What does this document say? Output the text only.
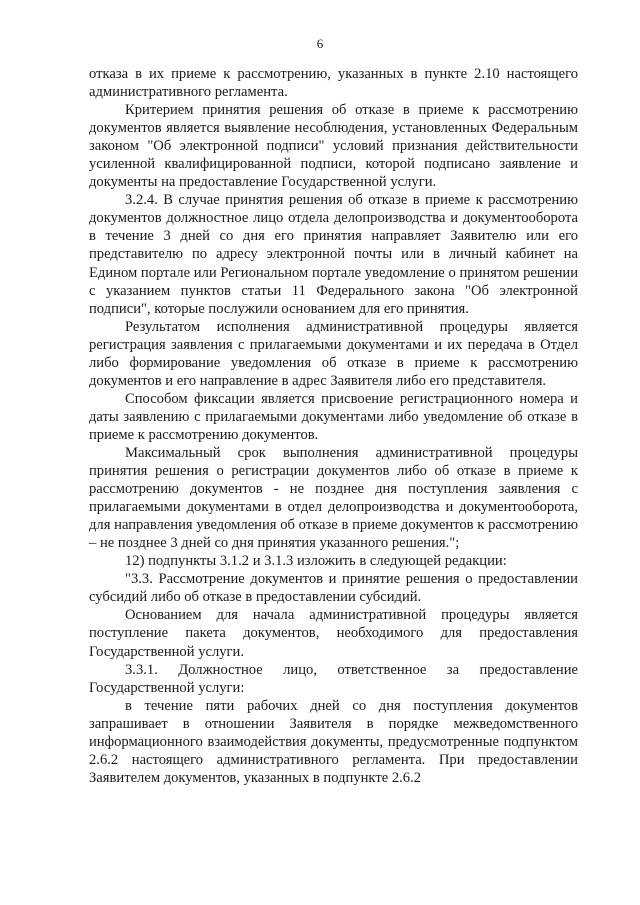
6

отказа в их приеме к рассмотрению, указанных в пункте 2.10 настоящего административного регламента.

Критерием принятия решения об отказе в приеме к рассмотрению документов является выявление несоблюдения, установленных Федеральным законом "Об электронной подписи" условий признания действительности усиленной квалифицированной подписи, которой подписано заявление и документы на предоставление Государственной услуги.

3.2.4. В случае принятия решения об отказе в приеме к рассмотрению документов должностное лицо отдела делопроизводства и документооборота в течение 3 дней со дня его принятия направляет Заявителю или его представителю по адресу электронной почты или в личный кабинет на Едином портале или Региональном портале уведомление о принятом решении с указанием пунктов статьи 11 Федерального закона "Об электронной подписи", которые послужили основанием для его принятия.

Результатом исполнения административной процедуры является регистрация заявления с прилагаемыми документами и их передача в Отдел либо формирование уведомления об отказе в приеме к рассмотрению документов и его направление в адрес Заявителя либо его представителя.

Способом фиксации является присвоение регистрационного номера и даты заявлению с прилагаемыми документами либо уведомление об отказе в приеме к рассмотрению документов.

Максимальный срок выполнения административной процедуры принятия решения о регистрации документов либо об отказе в приеме к рассмотрению документов - не позднее дня поступления заявления с прилагаемыми документами в отдел делопроизводства и документооборота, для направления уведомления об отказе в приеме документов к рассмотрению – не позднее 3 дней со дня принятия указанного решения.";

12) подпункты 3.1.2 и 3.1.3 изложить в следующей редакции:

"3.3. Рассмотрение документов и принятие решения о предоставлении субсидий либо об отказе в предоставлении субсидий.

Основанием для начала административной процедуры является поступление пакета документов, необходимого для предоставления Государственной услуги.

3.3.1. Должностное лицо, ответственное за предоставление Государственной услуги:

в течение пяти рабочих дней со дня поступления документов запрашивает в отношении Заявителя в порядке межведомственного информационного взаимодействия документы, предусмотренные подпунктом 2.6.2 настоящего административного регламента. При предоставлении Заявителем документов, указанных в подпункте 2.6.2
